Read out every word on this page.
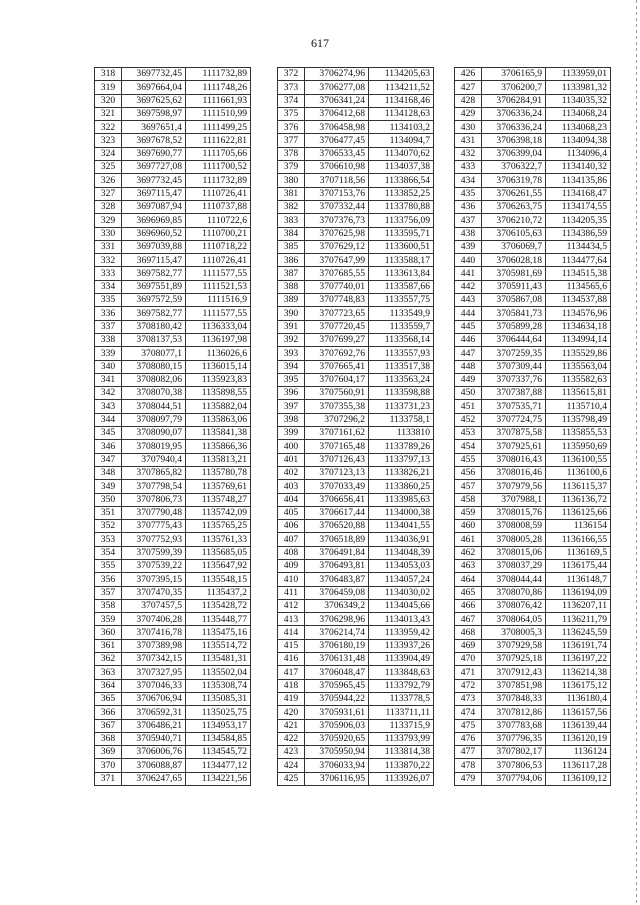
617
318	3697732,45	1111732,89
319	3697664,04	1111748,26
320	3697625,62	1111661,93
321	3697598,97	1111510,99
322	3697651,4	1111499,25
323	3697678,52	1111622,81
324	3697690,77	1111705,66
325	3697727,08	1111700,52
326	3697732,45	1111732,89
327	3697115,47	1110726,41
328	3697087,94	1110737,88
329	3696969,85	1110722,6
330	3696960,52	1110700,21
331	3697039,88	1110718,22
332	3697115,47	1110726,41
333	3697582,77	1111577,55
334	3697551,89	1111521,53
335	3697572,59	1111516,9
336	3697582,77	1111577,55
337	3708180,42	1136333,04
338	3708137,53	1136197,98
339	3708077,1	1136026,6
340	3708080,15	1136015,14
341	3708082,06	1135923,83
342	3708070,38	1135898,55
343	3708044,51	1135882,04
344	3708097,79	1135863,06
345	3708090,07	1135841,38
346	3708019,95	1135866,36
347	3707940,4	1135813,21
348	3707865,82	1135780,78
349	3707798,54	1135769,61
350	3707806,73	1135748,27
351	3707790,48	1135742,09
352	3707775,43	1135765,25
353	3707752,93	1135761,33
354	3707599,39	1135685,05
355	3707539,22	1135647,92
356	3707395,15	1135548,15
357	3707470,35	1135437,2
358	3707457,5	1135428,72
359	3707406,28	1135448,77
360	3707416,78	1135475,16
361	3707389,98	1135514,72
362	3707342,15	1135481,31
363	3707327,95	1135502,04
364	3707046,33	1135308,74
365	3706706,94	1135085,31
366	3706592,31	1135025,75
367	3706486,21	1134953,17
368	3705940,71	1134584,85
369	3706006,76	1134545,72
370	3706088,87	1134477,12
371	3706247,65	1134221,56
372	3706274,96	1134205,63
373	3706277,08	1134211,52
374	3706341,24	1134168,46
375	3706412,68	1134128,63
376	3706458,98	1134103,2
377	3706477,45	1134094,7
378	3706533,45	1134070,62
379	3706610,98	1134037,38
380	3707118,56	1133866,54
381	3707153,76	1133852,25
382	3707332,44	1133780,88
383	3707376,73	1133756,09
384	3707625,98	1133595,71
385	3707629,12	1133600,51
386	3707647,99	1133588,17
387	3707685,55	1133613,84
388	3707740,01	1133587,66
389	3707748,83	1133557,75
390	3707723,65	1133549,9
391	3707720,45	1133559,7
392	3707699,27	1133568,14
393	3707692,76	1133557,93
394	3707665,41	1133517,38
395	3707604,17	1133563,24
396	3707560,91	1133598,88
397	3707355,38	1133731,23
398	3707296,2	1133758,1
399	3707161,62	1133810
400	3707165,48	1133789,26
401	3707126,43	1133797,13
402	3707123,13	1133826,21
403	3707033,49	1133860,25
404	3706656,41	1133985,63
405	3706617,44	1134000,38
406	3706520,88	1134041,55
407	3706518,89	1134036,91
408	3706491,84	1134048,39
409	3706493,81	1134053,03
410	3706483,87	1134057,24
411	3706459,08	1134030,02
412	3706349,2	1134045,66
413	3706298,96	1134013,43
414	3706214,74	1133959,42
415	3706180,19	1133937,26
416	3706131,48	1133904,49
417	3706048,47	1133848,63
418	3705965,45	1133792,79
419	3705944,22	1133778,5
420	3705931,61	1133711,11
421	3705906,03	1133715,9
422	3705920,65	1133793,99
423	3705950,94	1133814,38
424	3706033,94	1133870,22
425	3706116,95	1133926,07
426	3706165,9	1133959,01
427	3706200,7	1133981,32
428	3706284,91	1134035,32
429	3706336,24	1134068,24
430	3706336,24	1134068,23
431	3706398,18	1134094,38
432	3706399,04	1134096,4
433	3706322,7	1134140,32
434	3706319,78	1134135,86
435	3706261,55	1134168,47
436	3706263,75	1134174,55
437	3706210,72	1134205,35
438	3706105,63	1134386,59
439	3706069,7	1134434,5
440	3706028,18	1134477,64
441	3705981,69	1134515,38
442	3705911,43	1134565,6
443	3705867,08	1134537,88
444	3705841,73	1134576,96
445	3705899,28	1134634,18
446	3706444,64	1134994,14
447	3707259,35	1135529,86
448	3707309,44	1135563,04
449	3707337,76	1135582,63
450	3707387,88	1135615,81
451	3707535,71	1135710,4
452	3707724,75	1135798,49
453	3707875,58	1135855,53
454	3707925,61	1135950,69
455	3708016,43	1136100,55
456	3708016,46	1136100,6
457	3707979,56	1136115,37
458	3707988,1	1136136,72
459	3708015,76	1136125,66
460	3708008,59	1136154
461	3708005,28	1136166,55
462	3708015,06	1136169,5
463	3708037,29	1136175,44
464	3708044,44	1136148,7
465	3708070,86	1136194,09
466	3708076,42	1136207,11
467	3708064,05	1136211,79
468	3708005,3	1136245,59
469	3707929,58	1136191,74
470	3707925,18	1136197,22
471	3707912,43	1136214,38
472	3707851,98	1136175,12
473	3707848,33	1136180,4
474	3707812,86	1136157,56
475	3707783,68	1136139,44
476	3707796,35	1136120,19
477	3707802,17	1136124
478	3707806,53	1136117,28
479	3707794,06	1136109,12
